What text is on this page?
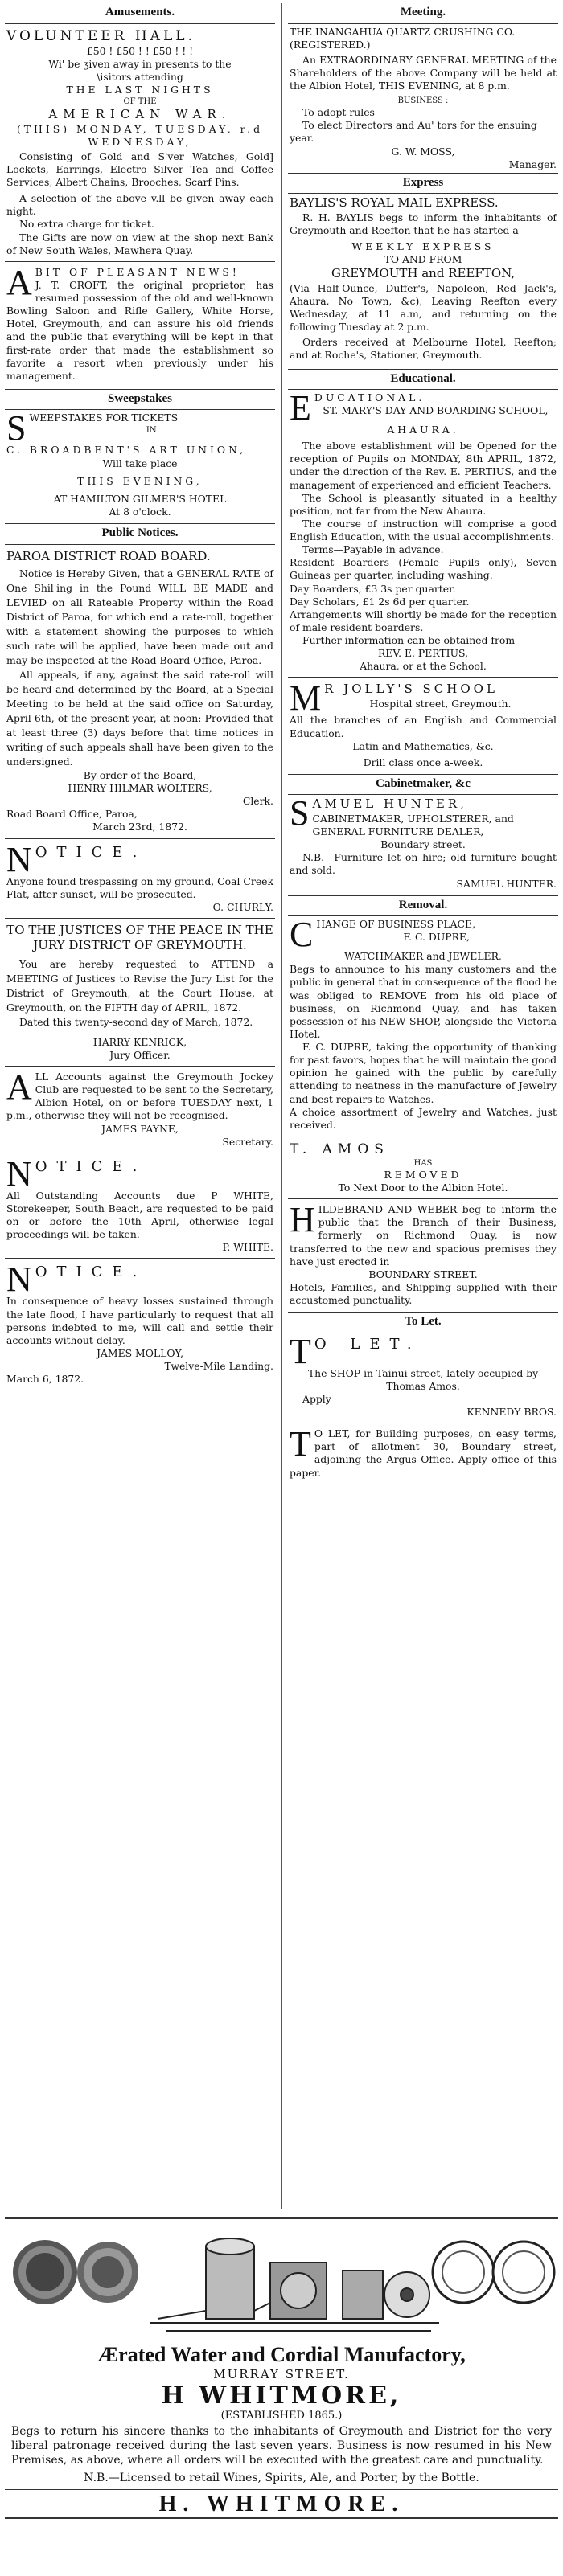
Amusements.
VOLUNTEER HALL.
£50 ! £50 ! ! £50 ! ! !
Wi' be ʒiven away in presents to the
\isitors attending
THE LAST NIGHTS
OF THE
AMERICAN WAR.
(THIS) MONDAY, TUESDAY, r.d
WEDNESDAY,
Consisting of Gold and S'ver Watches, Gold] Lockets, Earrings, Electro Silver Tea and Coffee Services, Albert Chains, Brooches, Scarf Pins.
A selection of the above v.ll be given away each night.
No extra charge for ticket.
The Gifts are now on view at the shop next Bank of New South Wales, Mawhera Quay.
ABIT OF PLEASANT NEWS!
J. T. CROFT, the original proprietor, has resumed possession of the old and well-known Bowling Saloon and Rifle Gallery, White Horse, Hotel, Greymouth, and can assure his old friends and the public that everything will be kept in that first-rate order that made the establishment so favorite a resort when previously under his management.
Sweepstakes
SWEEPSTAKES FOR TICKETS
IN
C. BROADBENT'S ART UNION,
Will take place
THIS EVENING,
AT HAMILTON GILMER'S HOTEL
At 8 o'clock.
Public Notices.
PAROA DISTRICT ROAD BOARD.
Notice is Hereby Given, that a GENERAL RATE of One Shil'ing in the Pound WILL BE MADE and LEVIED on all Rateable Property within the Road District of Paroa, for which end a rate-roll, together with a statement showing the purposes to which such rate will be applied, have been made out and may be inspected at the Road Board Office, Paroa.
All appeals, if any, against the said rate-roll will be heard and determined by the Board, at a Special Meeting to be held at the said office on Saturday, April 6th, of the present year, at noon: Provided that at least three (3) days before that time notices in writing of such appeals shall have been given to the undersigned.
By order of the Board,
HENRY HILMAR WOLTERS,
Clerk.
Road Board Office, Paroa,
March 23rd, 1872.
NOTICE.
Anyone found trespassing on my ground, Coal Creek Flat, after sunset, will be prosecuted.
O. CHURLY.
TO THE JUSTICES OF THE PEACE IN THE JURY DISTRICT OF GREYMOUTH.
You are hereby requested to ATTEND a MEETING of Justices to Revise the Jury List for the District of Greymouth, at the Court House, at Greymouth, on the FIFTH day of APRIL, 1872.
Dated this twenty-second day of March, 1872.
HARRY KENRICK,
Jury Officer.
ALL Accounts against the Greymouth Jockey Club are requested to be sent to the Secretary, Albion Hotel, on or before TUESDAY next, 1 p.m., otherwise they will not be recognised.
JAMES PAYNE,
Secretary.
NOTICE.
All Outstanding Accounts due P WHITE, Storekeeper, South Beach, are requested to be paid on or before the 10th April, otherwise legal proceedings will be taken.
P. WHITE.
NOTICE.
In consequence of heavy losses sustained through the late flood, I have particularly to request that all persons indebted to me, will call and settle their accounts without delay.
JAMES MOLLOY,
Twelve-Mile Landing.
March 6, 1872.
Meeting.
THE INANGAHUA QUARTZ CRUSHING CO. (REGISTERED.)
An EXTRAORDINARY GENERAL MEETING of the Shareholders of the above Company will be held at the Albion Hotel, THIS EVENING, at 8 p.m.
BUSINESS :
To adopt rules
To elect Directors and Au' tors for the ensuing year.
G. W. MOSS,
Manager.
Express
BAYLIS'S ROYAL MAIL EXPRESS.
R. H. BAYLIS begs to inform the inhabitants of Greymouth and Reefton that he has started a
WEEKLY EXPRESS
TO AND FROM
GREYMOUTH and REEFTON,
(Via Half-Ounce, Duffer's, Napoleon, Red Jack's, Ahaura, No Town, &c), Leaving Reefton every Wednesday, at 11 a.m, and returning on the following Tuesday at 2 p.m.
Orders received at Melbourne Hotel, Reefton; and at Roche's, Stationer, Greymouth.
Educational.
EDUCATIONAL.
ST. MARY'S DAY AND BOARDING SCHOOL,
AHAURA.
The above establishment will be Opened for the reception of Pupils on MONDAY, 8th APRIL, 1872, under the direction of the Rev. E. PERTIUS, and the management of experienced and efficient Teachers.
The School is pleasantly situated in a healthy position, not far from the New Ahaura.
The course of instruction will comprise a good English Education, with the usual accomplishments.
Terms—Payable in advance.
Resident Boarders (Female Pupils only), Seven Guineas per quarter, including washing.
Day Boarders, £3 3s per quarter.
Day Scholars, £1 2s 6d per quarter.
Arrangements will shortly be made for the reception of male resident boarders.
Further information can be obtained from
REV. E. PERTIUS,
Ahaura, or at the School.
M R JOLLY'S SCHOOL
Hospital street, Greymouth.
All the branches of an English and Commercial Education.
Latin and Mathematics, &c.
Drill class once a-week.
Cabinetmaker, &c
SAMUEL HUNTER,
CABINETMAKER, UPHOLSTERER, and GENERAL FURNITURE DEALER,
Boundary street.
N.B.—Furniture let on hire; old furniture bought and sold.
SAMUEL HUNTER.
Removal.
CHANGE OF BUSINESS PLACE,
F. C. DUPRE,
WATCHMAKER and JEWELER,
Begs to announce to his many customers and the public in general that in consequence of the flood he was obliged to REMOVE from his old place of business, on Richmond Quay, and has taken possession of his NEW SHOP, alongside the Victoria Hotel.
F. C. DUPRE, taking the opportunity of thanking for past favors, hopes that he will maintain the good opinion he gained with the public by carefully attending to neatness in the manufacture of Jewelry and best repairs to Watches.
A choice assortment of Jewelry and Watches, just received.
T. AMOS
HAS
REMOVED
To Next Door to the Albion Hotel.
HILDEBRAND AND WEBER beg to inform the public that the Branch of their Business, formerly on Richmond Quay, is now transferred to the new and spacious premises they have just erected in
BOUNDARY STREET.
Hotels, Families, and Shipping supplied with their accustomed punctuality.
To Let.
T O LET.
The SHOP in Tainui street, lately occupied by Thomas Amos.
Apply
KENNEDY BROS.
T O LET, for Building purposes, on easy terms, part of allotment 30, Boundary street, adjoining the Argus Office. Apply office of this paper.
Ærated Water and Cordial Manufactory,
MURRAY STREET.
H WHITMORE,
(ESTABLISHED 1865.)
Begs to return his sincere thanks to the inhabitants of Greymouth and District for the very liberal patronage received during the last seven years. Business is now resumed in his New Premises, as above, where all orders will be executed with the greatest care and punctuality.
N.B.—Licensed to retail Wines, Spirits, Ale, and Porter, by the Bottle.
H. WHITMORE.
